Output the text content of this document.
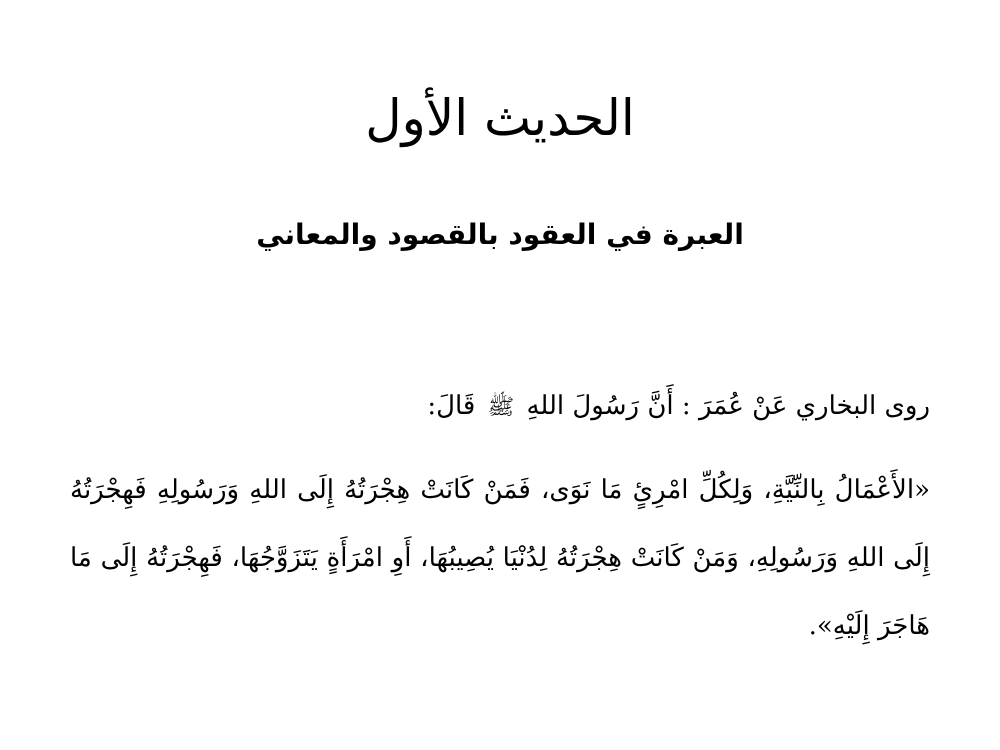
الحديث الأول
العبرة في العقود بالقصود والمعاني

روى البخاري عَنْ عُمَرَ : أَنَّ رَسُولَ اللهِ ﷺ قَالَ:

«الأَعْمَالُ بِالنِّيَّةِ، وَلِكُلِّ امْرِئٍ مَا نَوَى، فَمَنْ كَانَتْ هِجْرَتُهُ إِلَى اللهِ وَرَسُولِهِ فَهِجْرَتُهُ إِلَى اللهِ وَرَسُولِهِ، وَمَنْ كَانَتْ هِجْرَتُهُ لِدُنْيَا يُصِيبُهَا، أَوِ امْرَأَةٍ يَتَزَوَّجُهَا، فَهِجْرَتُهُ إِلَى مَا هَاجَرَ إِلَيْهِ».
